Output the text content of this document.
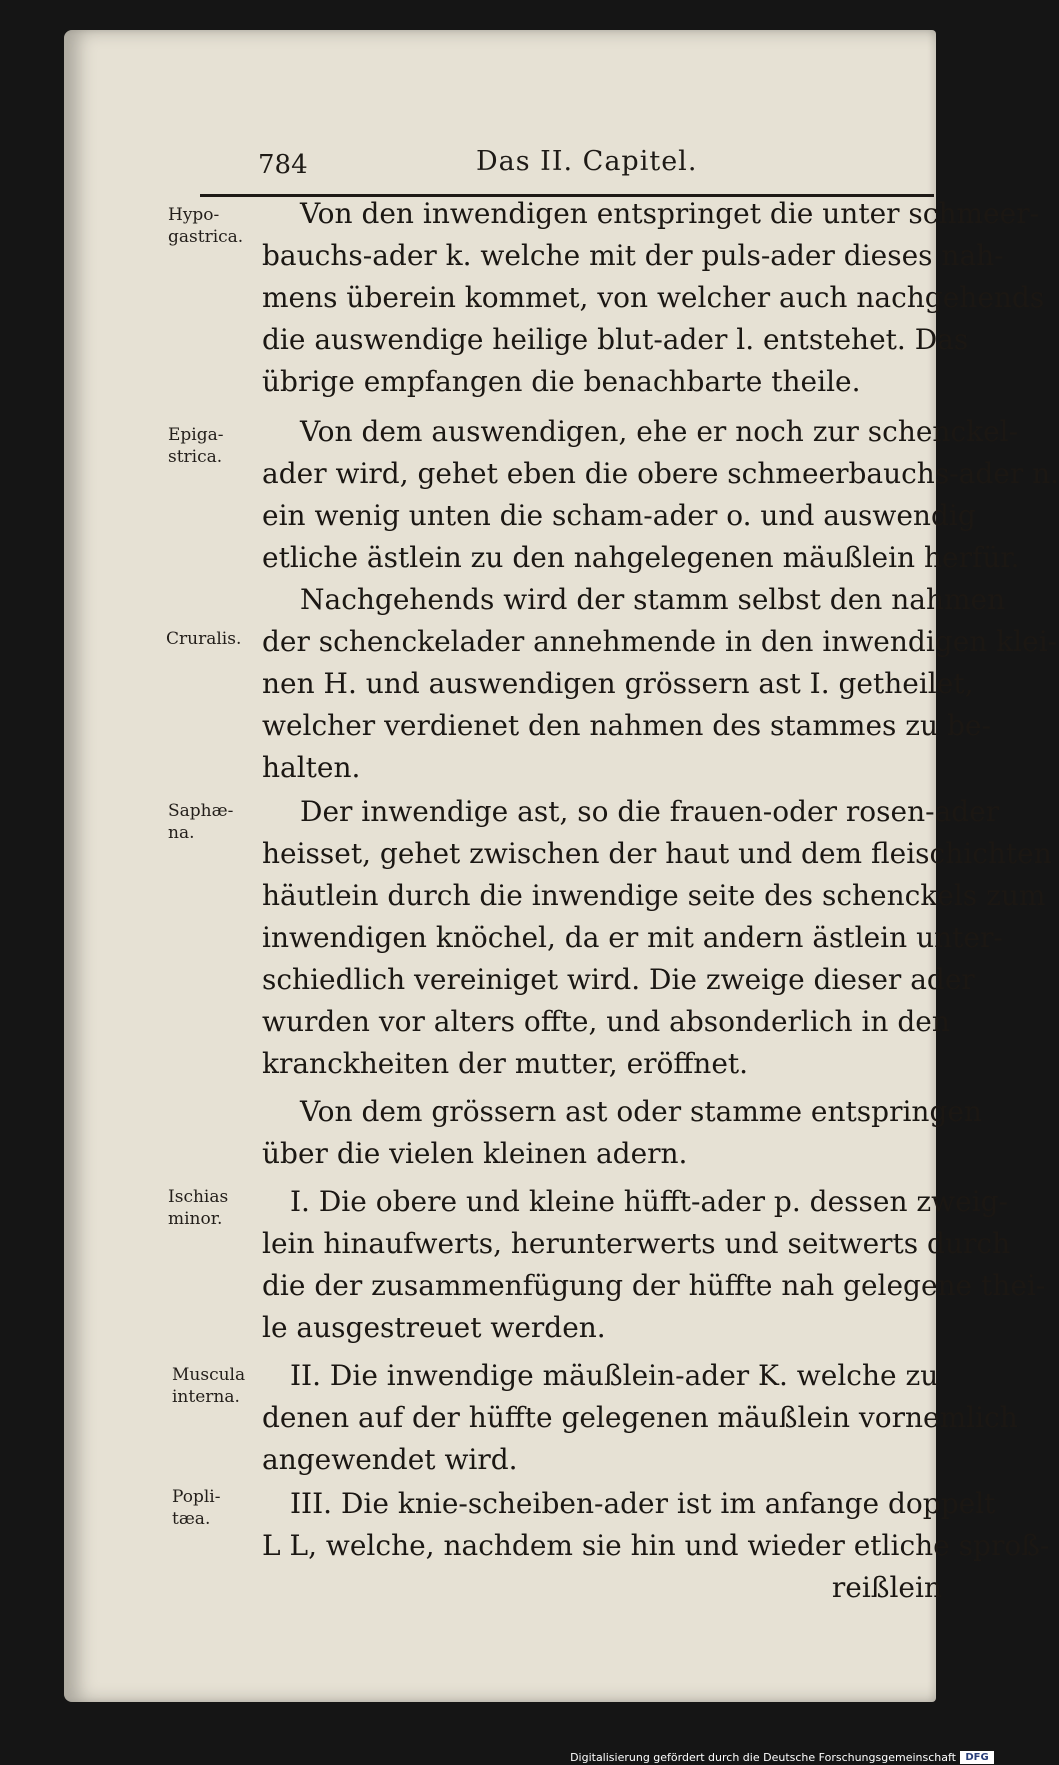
784	Das II. Capitel.
Hypo-
gastrica.
Epiga-
strica.
Cruralis.
Saphæ-
na.
Ischias
minor.
Muscula
interna.
Popli-
tæa.
Von den inwendigen entspringet die unter schmeer-
bauchs-ader k. welche mit der puls-ader dieses nah-
mens überein kommet, von welcher auch nachgehends
die auswendige heilige blut-ader l. entstehet. Das
übrige empfangen die benachbarte theile.
Von dem auswendigen, ehe er noch zur schenckel-
ader wird, gehet eben die obere schmeerbauchs-ader n.
ein wenig unten die scham-ader o. und auswendig
etliche ästlein zu den nahgelegenen mäußlein herfür.
Nachgehends wird der stamm selbst den nahmen
der schenckelader annehmende in den inwendigen klei-
nen H. und auswendigen grössern ast I. getheilet,
welcher verdienet den nahmen des stammes zu be-
halten.
Der inwendige ast, so die frauen-oder rosen-ader
heisset, gehet zwischen der haut und dem fleischichten
häutlein durch die inwendige seite des schenckels zum
inwendigen knöchel, da er mit andern ästlein unter-
schiedlich vereiniget wird. Die zweige dieser ader
wurden vor alters offte, und absonderlich in den
kranckheiten der mutter, eröffnet.
Von dem grössern ast oder stamme entspringen
über die vielen kleinen adern.
I. Die obere und kleine hüfft-ader p. dessen zweig-
lein hinaufwerts, herunterwerts und seitwerts durch
die der zusammenfügung der hüffte nah gelegene thei-
le ausgestreuet werden.
II. Die inwendige mäußlein-ader K. welche zu
denen auf der hüffte gelegenen mäußlein vornemlich
angewendet wird.
III. Die knie-scheiben-ader ist im anfange doppelt
L L, welche, nachdem sie hin und wieder etliche sproß-
reißlein
Digitalisierung gefördert durch die Deutsche Forschungsgemeinschaft DFG
